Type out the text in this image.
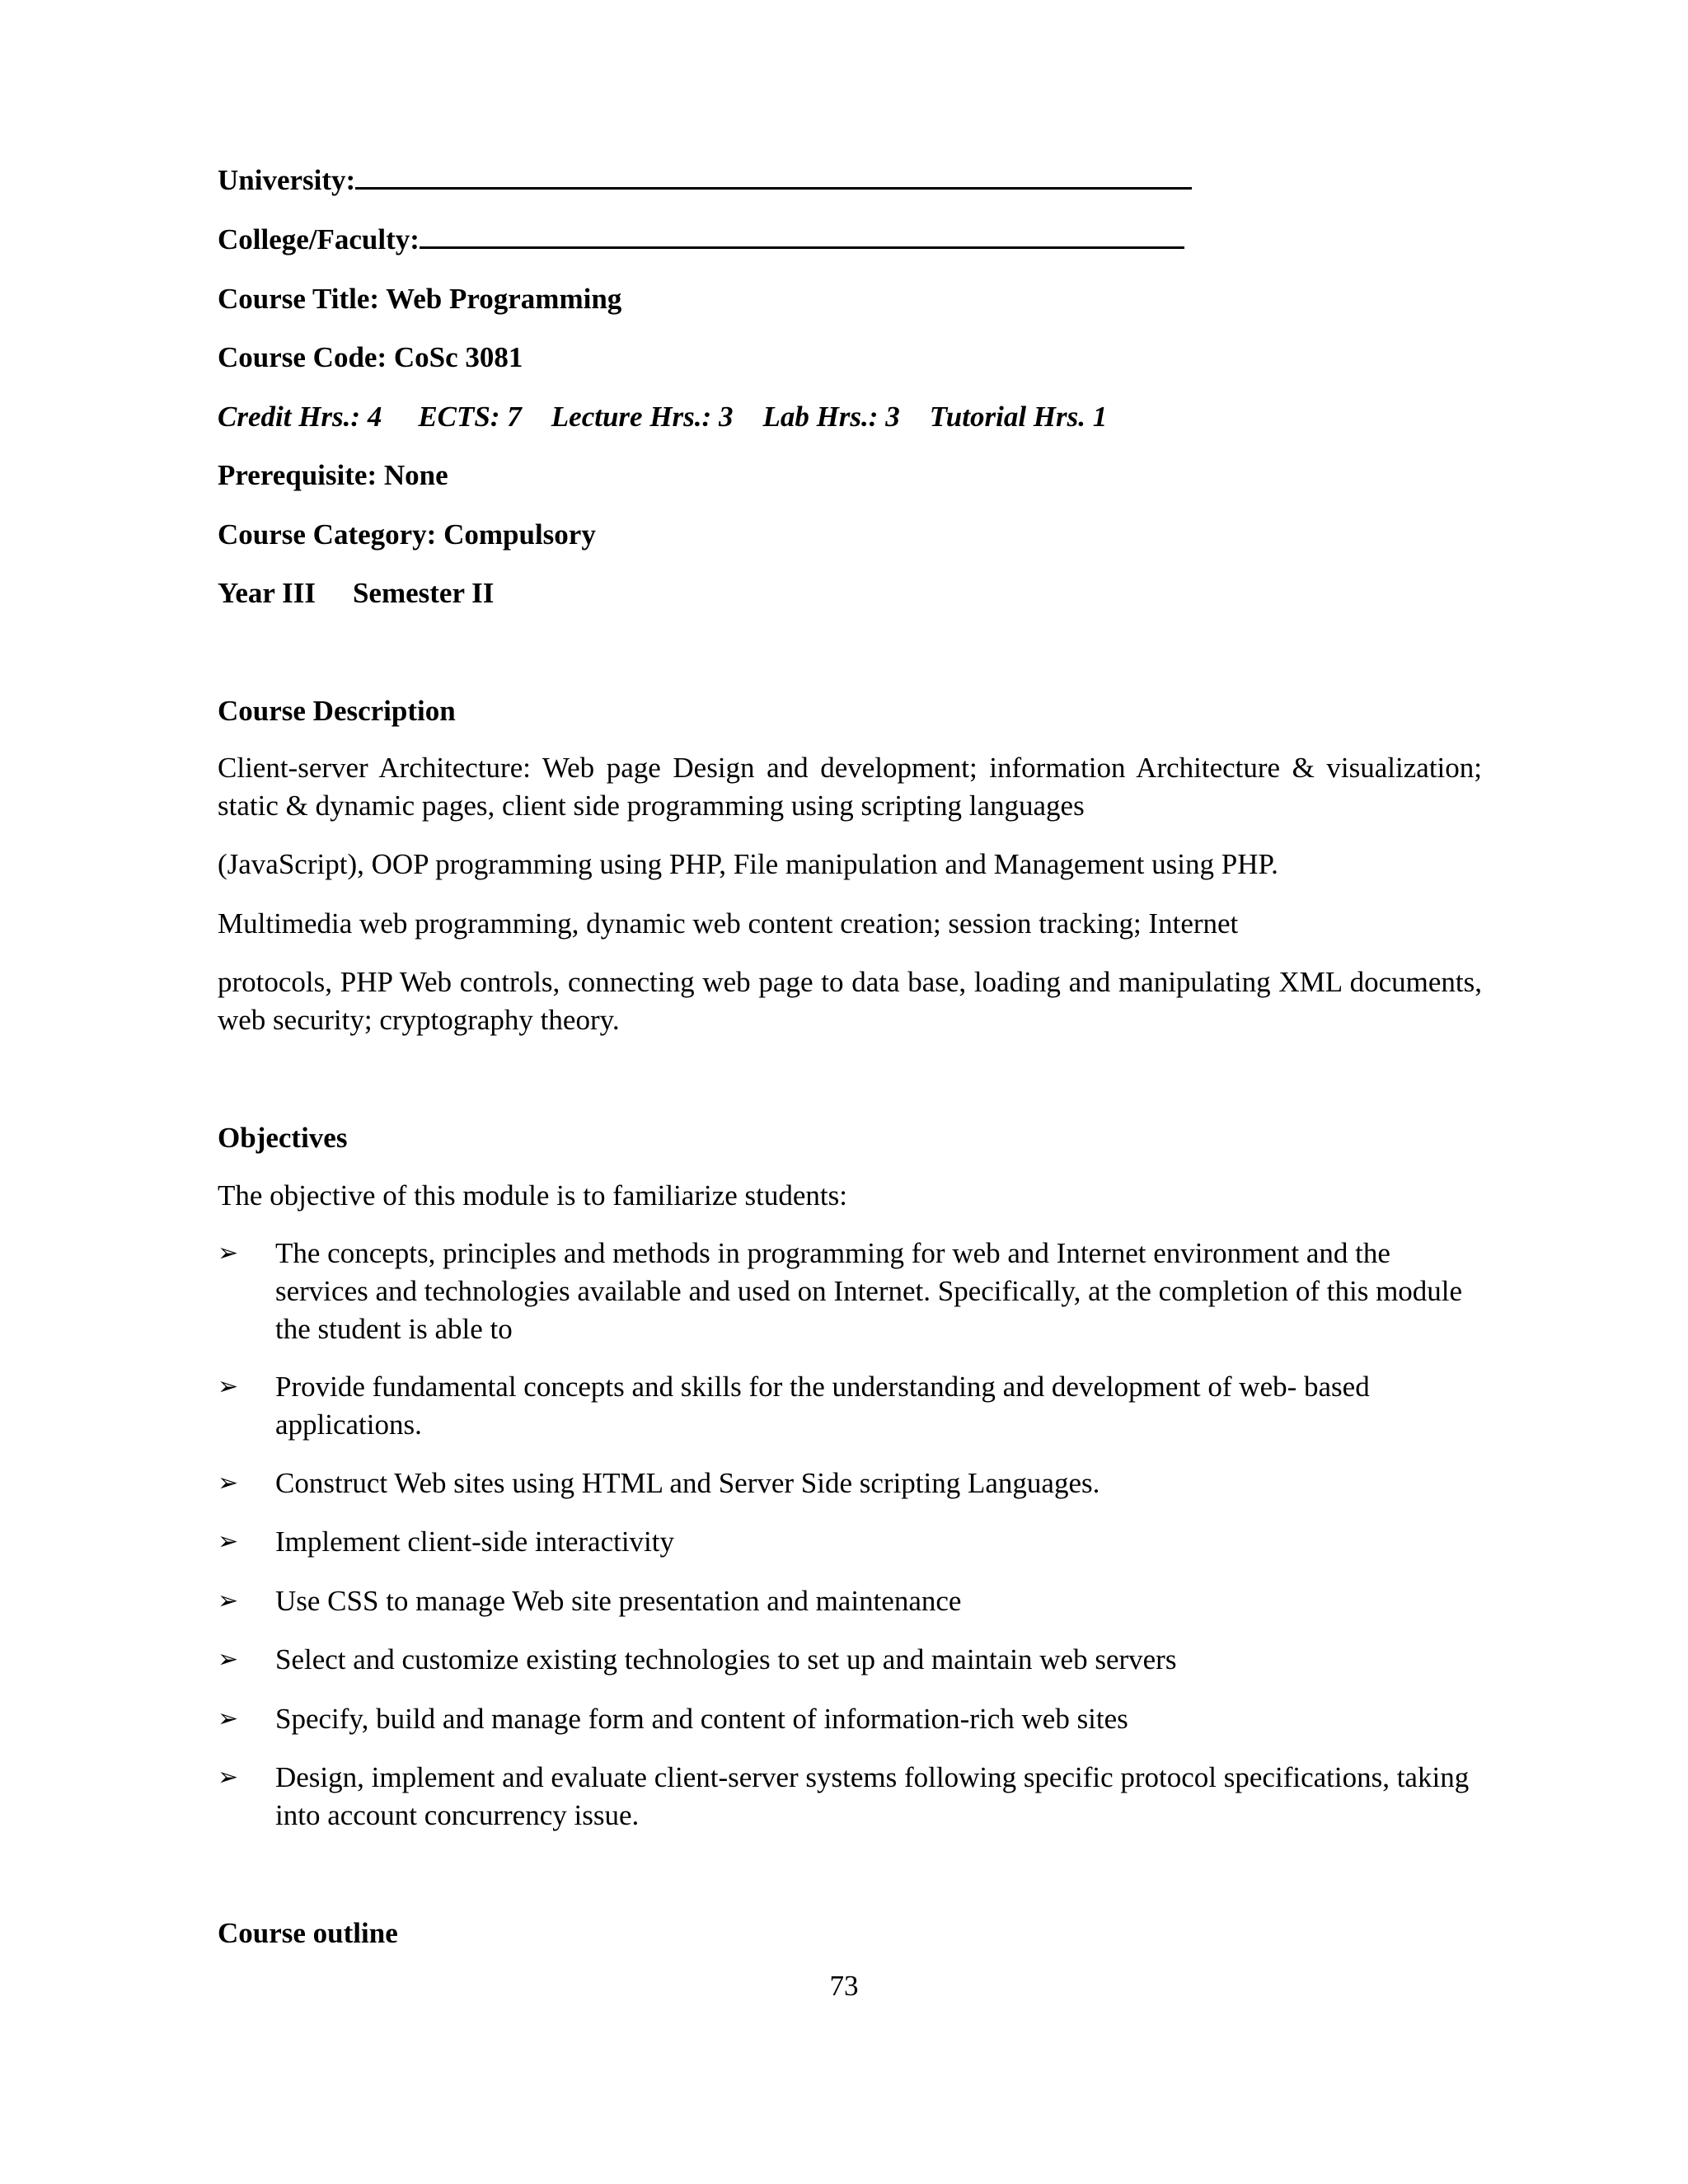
University:
College/Faculty:
Course Title: Web Programming
Course Code: CoSc 3081
Credit Hrs.: 4 ECTS: 7 Lecture Hrs.: 3 Lab Hrs.: 3 Tutorial Hrs. 1
Prerequisite: None
Course Category: Compulsory
Year III Semester II
Course Description
Client-server Architecture: Web page Design and development; information Architecture & visualization; static & dynamic pages, client side programming using scripting languages
(JavaScript), OOP programming using PHP, File manipulation and Management using PHP.
Multimedia web programming, dynamic web content creation; session tracking; Internet
protocols, PHP Web controls, connecting web page to data base, loading and manipulating XML documents, web security; cryptography theory.
Objectives
The objective of this module is to familiarize students:
➢	The concepts, principles and methods in programming for web and Internet environment and the services and technologies available and used on Internet. Specifically, at the completion of this module the student is able to
➢	Provide fundamental concepts and skills for the understanding and development of web- based applications.
➢	Construct Web sites using HTML and Server Side scripting Languages.
➢	Implement client-side interactivity
➢	Use CSS to manage Web site presentation and maintenance
➢	Select and customize existing technologies to set up and maintain web servers
➢	Specify, build and manage form and content of information-rich web sites
➢	Design, implement and evaluate client-server systems following specific protocol specifications, taking into account concurrency issue.
Course outline
73
